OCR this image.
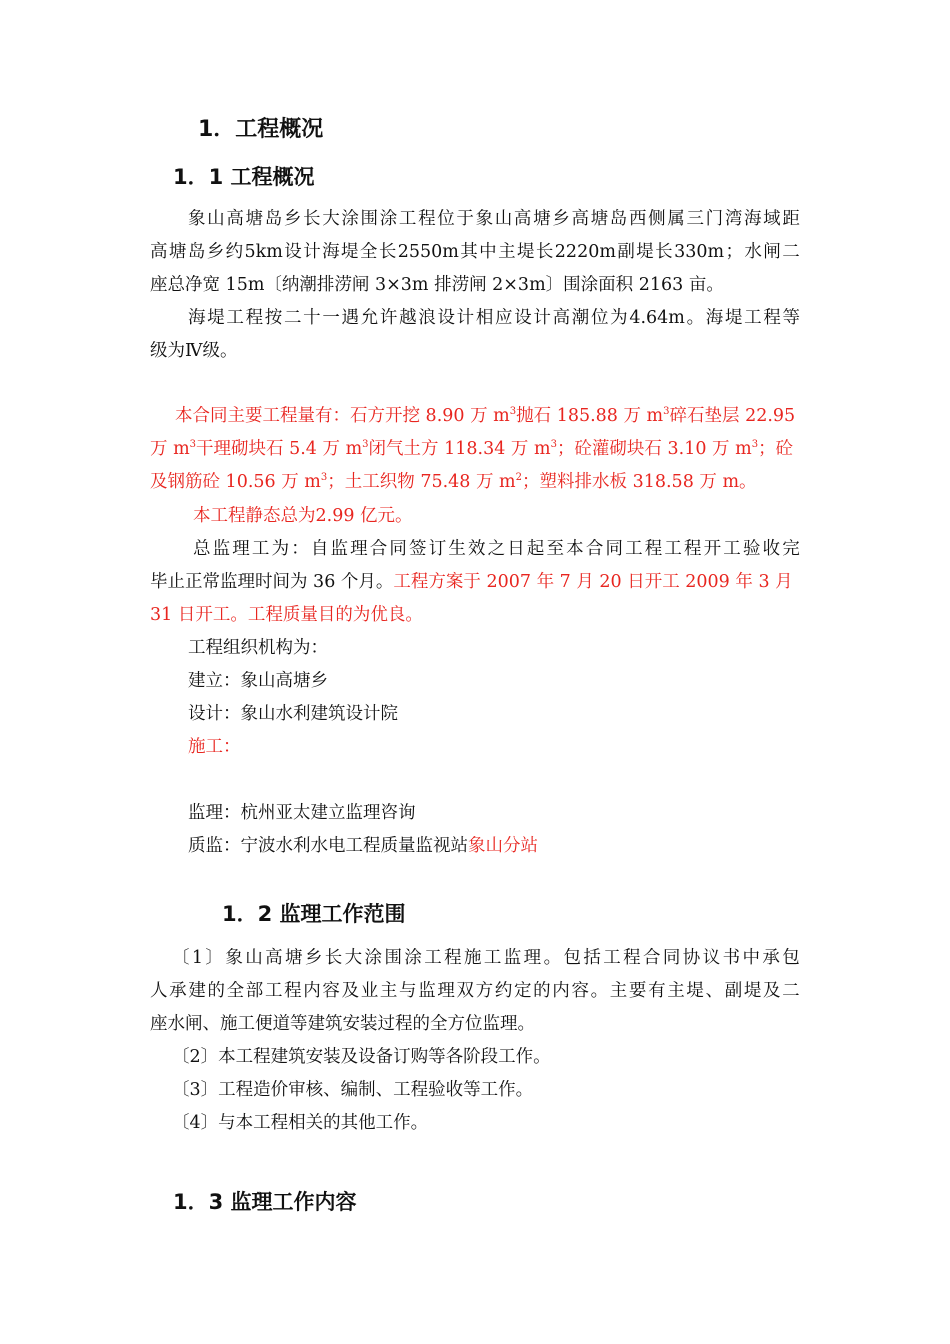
1．工程概况
1．1 工程概况
象 山 高 塘 岛 乡 长 大 涂 围 涂 工 程 位 于 象 山 高 塘 乡 高 塘 岛 西 侧 属 三 门 湾 海 域 距
高 塘 岛 乡 约 5km 设 计 海 堤 全 长 2550m 其 中 主 堤 长 2220m 副 堤 长 330m ； 水 闸 二
座总净宽 15m〔纳潮排涝闸 3×3m 排涝闸 2×3m〕围涂面积 2163 亩。
海 堤 工 程 按 二 十 一 遇 允 许 越 浪 设 计 相 应 设 计 高 潮 位 为 4.64m 。 海 堤 工 程 等
级为Ⅳ级。
本合同主要工程量有：石方开挖 8.90 万 $m^3$抛石 185.88 万 $m^3$碎石垫层 22.95
万 $m^3$干理砌块石 5.4 万 $m^3$闭气土方 118.34 万 $m^3$；砼灌砌块石 3.10 万 $m^3$；砼
及钢筋砼 10.56 万 $m^3$；土工织物 75.48 万 $m^2$；塑料排水板 318.58 万 m。
本工程静态总为2.99 亿元。
总 监 理 工 为 ： 自 监 理 合 同 签 订 生 效 之 日 起 至 本 合 同 工 程 工 程 开 工 验 收 完
毕止正常监理时间为 36 个月。工程方案于 2007 年 7 月 20 日开工 2009 年 3 月
31 日开工。工程质量目的为优良。
工程组织机构为：
建立：象山高塘乡
设计：象山水利建筑设计院
施工：
监理：杭州亚太建立监理咨询
质监：宁波水利水电工程质量监视站象山分站
1．2 监理工作范围
〔 1 〕 象 山 高 塘 乡 长 大 涂 围 涂 工 程 施 工 监 理 。 包 括 工 程 合 同 协 议 书 中 承 包
人 承 建 的 全 部 工 程 内 容 及 业 主 与 监 理 双 方 约 定 的 内 容 。 主 要 有 主 堤 、 副 堤 及 二
座水闸、施工便道等建筑安装过程的全方位监理。
〔2〕本工程建筑安装及设备订购等各阶段工作。
〔3〕工程造价审核、编制、工程验收等工作。
〔4〕与本工程相关的其他工作。
1．3 监理工作内容
